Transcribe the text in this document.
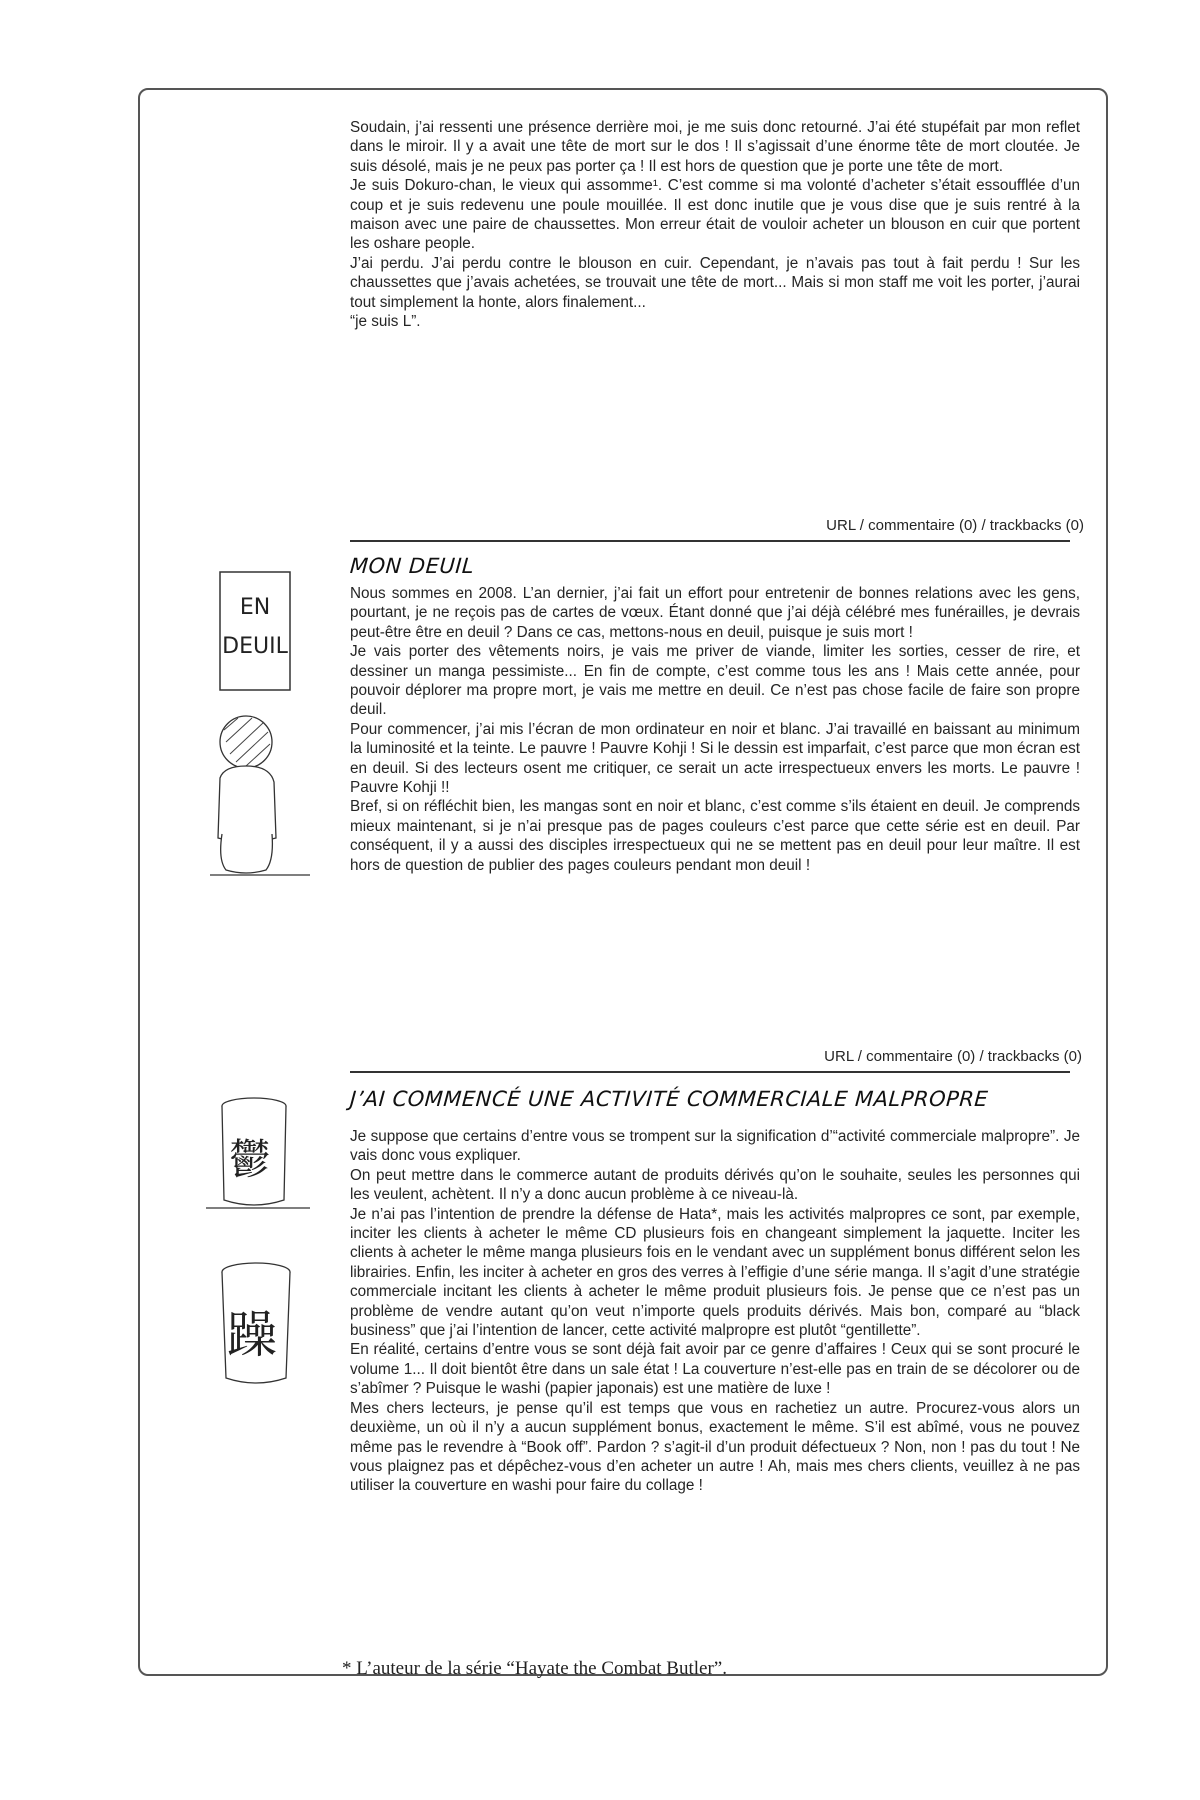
Soudain, j’ai ressenti une présence derrière moi, je me suis donc retourné. J’ai été stupéfait par mon reflet dans le miroir. Il y a avait une tête de mort sur le dos ! Il s’agissait d’une énorme tête de mort cloutée. Je suis désolé, mais je ne peux pas porter ça ! Il est hors de question que je porte une tête de mort.

Je suis Dokuro-chan, le vieux qui assomme¹. C’est comme si ma volonté d’acheter s’était essoufflée d’un coup et je suis redevenu une poule mouillée. Il est donc inutile que je vous dise que je suis rentré à la maison avec une paire de chaussettes. Mon erreur était de vouloir acheter un blouson en cuir que portent les oshare people.

J’ai perdu. J’ai perdu contre le blouson en cuir. Cependant, je n’avais pas tout à fait perdu ! Sur les chaussettes que j’avais achetées, se trouvait une tête de mort... Mais si mon staff me voit les porter, j’aurai tout simplement la honte, alors finalement...

“je suis L”.

URL / commentaire (0) / trackbacks (0)
MON DEUIL
EN
DEUIL

Nous sommes en 2008. L’an dernier, j’ai fait un effort pour entretenir de bonnes relations avec les gens, pourtant, je ne reçois pas de cartes de vœux. Étant donné que j’ai déjà célébré mes funérailles, je devrais peut-être être en deuil ? Dans ce cas, mettons-nous en deuil, puisque je suis mort !

Je vais porter des vêtements noirs, je vais me priver de viande, limiter les sorties, cesser de rire, et dessiner un manga pessimiste... En fin de compte, c’est comme tous les ans ! Mais cette année, pour pouvoir déplorer ma propre mort, je vais me mettre en deuil. Ce n’est pas chose facile de faire son propre deuil.

Pour commencer, j’ai mis l’écran de mon ordinateur en noir et blanc. J’ai travaillé en baissant au minimum la luminosité et la teinte. Le pauvre ! Pauvre Kohji ! Si le dessin est imparfait, c’est parce que mon écran est en deuil. Si des lecteurs osent me critiquer, ce serait un acte irrespectueux envers les morts. Le pauvre ! Pauvre Kohji !!

Bref, si on réfléchit bien, les mangas sont en noir et blanc, c’est comme s’ils étaient en deuil. Je comprends mieux maintenant, si je n’ai presque pas de pages couleurs c’est parce que cette série est en deuil. Par conséquent, il y a aussi des disciples irrespectueux qui ne se mettent pas en deuil pour leur maître. Il est hors de question de publier des pages couleurs pendant mon deuil !

URL / commentaire (0) / trackbacks (0)
J’AI COMMENCÉ UNE ACTIVITÉ COMMERCIALE MALPROPRE
鬱
躁

Je suppose que certains d’entre vous se trompent sur la signification d’“activité commerciale malpropre”. Je vais donc vous expliquer.

On peut mettre dans le commerce autant de produits dérivés qu’on le souhaite, seules les personnes qui les veulent, achètent. Il n’y a donc aucun problème à ce niveau-là.

Je n’ai pas l’intention de prendre la défense de Hata*, mais les activités malpropres ce sont, par exemple, inciter les clients à acheter le même CD plusieurs fois en changeant simplement la jaquette. Inciter les clients à acheter le même manga plusieurs fois en le vendant avec un supplément bonus différent selon les librairies. Enfin, les inciter à acheter en gros des verres à l’effigie d’une série manga. Il s’agit d’une stratégie commerciale incitant les clients à acheter le même produit plusieurs fois. Je pense que ce n’est pas un problème de vendre autant qu’on veut n’importe quels produits dérivés. Mais bon, comparé au “black business” que j’ai l’intention de lancer, cette activité malpropre est plutôt “gentillette”.

En réalité, certains d’entre vous se sont déjà fait avoir par ce genre d’affaires ! Ceux qui se sont procuré le volume 1... Il doit bientôt être dans un sale état ! La couverture n’est-elle pas en train de se décolorer ou de s’abîmer ? Puisque le washi (papier japonais) est une matière de luxe !

Mes chers lecteurs, je pense qu’il est temps que vous en rachetiez un autre. Procurez-vous alors un deuxième, un où il n’y a aucun supplément bonus, exactement le même. S’il est abîmé, vous ne pouvez même pas le revendre à “Book off”. Pardon ? s’agit-il d’un produit défectueux ? Non, non ! pas du tout ! Ne vous plaignez pas et dépêchez-vous d’en acheter un autre ! Ah, mais mes chers clients, veuillez à ne pas utiliser la couverture en washi pour faire du collage !

* L’auteur de la série “Hayate the Combat Butler”.
